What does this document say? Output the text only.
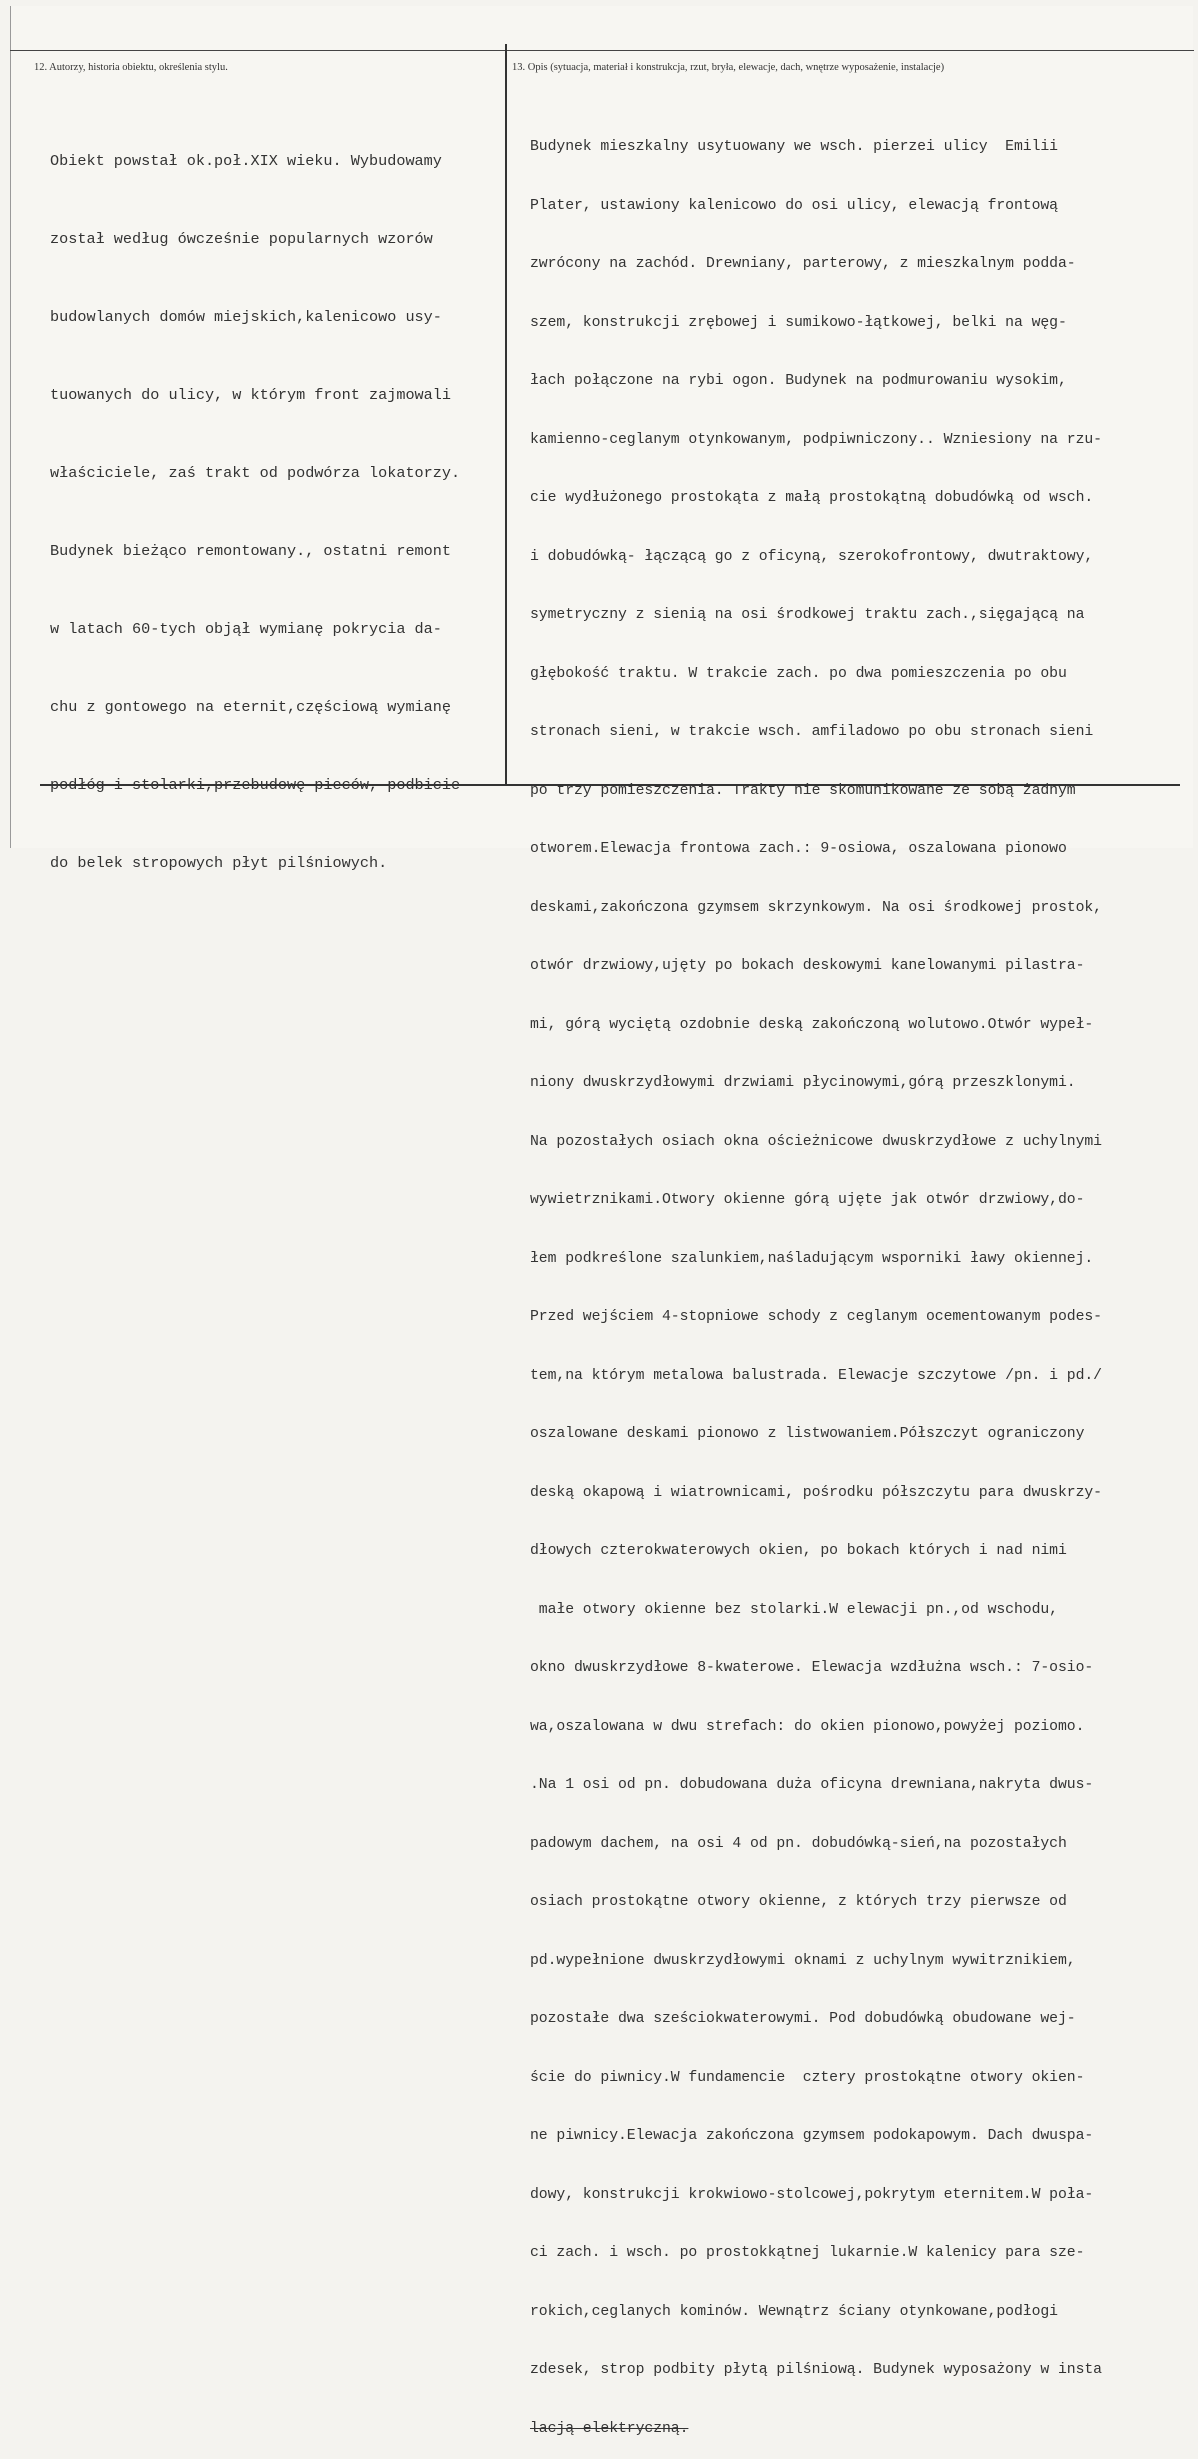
12. Autorzy, historia obiektu, określenia stylu.	13. Opis (sytuacja, materiał i konstrukcja, rzut, bryła, elewacje, dach, wnętrze wyposażenie, instalacje)

Obiekt powstał ok.poł.XIX wieku. Wybudowamy

został według ówcześnie popularnych wzorów

budowlanych domów miejskich,kalenicowo usy-

tuowanych do ulicy, w którym front zajmowali

właściciele, zaś trakt od podwórza lokatorzy.

Budynek bieżąco remontowany., ostatni remont

w latach 60-tych objął wymianę pokrycia da-

chu z gontowego na eternit,częściową wymianę

podłóg i stolarki,przebudowę pieców, podbicie

do belek stropowych płyt pilśniowych.

Budynek mieszkalny usytuowany we wsch. pierzei ulicy  Emilii

Plater, ustawiony kalenicowo do osi ulicy, elewacją frontową

zwrócony na zachód. Drewniany, parterowy, z mieszkalnym podda-

szem, konstrukcji zrębowej i sumikowo-łątkowej, belki na węg-

łach połączone na rybi ogon. Budynek na podmurowaniu wysokim,

kamienno-ceglanym otynkowanym, podpiwniczony.. Wzniesiony na rzu-

cie wydłużonego prostokąta z małą prostokątną dobudówką od wsch.

i dobudówką- łączącą go z oficyną, szerokofrontowy, dwutraktowy,

symetryczny z sienią na osi środkowej traktu zach.,sięgającą na

głębokość traktu. W trakcie zach. po dwa pomieszczenia po obu

stronach sieni, w trakcie wsch. amfiladowo po obu stronach sieni

po trzy pomieszczenia. Trakty nie skomunikowane ze sobą żadnym

otworem.Elewacja frontowa zach.: 9-osiowa, oszalowana pionowo

deskami,zakończona gzymsem skrzynkowym. Na osi środkowej prostok,

otwór drzwiowy,ujęty po bokach deskowymi kanelowanymi pilastra-

mi, górą wyciętą ozdobnie deską zakończoną wolutowo.Otwór wypeł-

niony dwuskrzydłowymi drzwiami płycinowymi,górą przeszklonymi.

Na pozostałych osiach okna ościeżnicowe dwuskrzydłowe z uchylnymi

wywietrznikami.Otwory okienne górą ujęte jak otwór drzwiowy,do-

łem podkreślone szalunkiem,naśladującym wsporniki ławy okiennej.

Przed wejściem 4-stopniowe schody z ceglanym ocementowanym podes-

tem,na którym metalowa balustrada. Elewacje szczytowe /pn. i pd./

oszalowane deskami pionowo z listwowaniem.Półszczyt ograniczony

deską okapową i wiatrownicami, pośrodku półszczytu para dwuskrzy-

dłowych czterokwaterowych okien, po bokach których i nad nimi

małe otwory okienne bez stolarki.W elewacji pn.,od wschodu,

okno dwuskrzydłowe 8-kwaterowe. Elewacja wzdłużna wsch.: 7-osio-

wa,oszalowana w dwu strefach: do okien pionowo,powyżej poziomo.

.Na 1 osi od pn. dobudowana duża oficyna drewniana,nakryta dwus-

padowym dachem, na osi 4 od pn. dobudówką-sień,na pozostałych

osiach prostokątne otwory okienne, z których trzy pierwsze od

pd.wypełnione dwuskrzydłowymi oknami z uchylnym wywitrznikiem,

pozostałe dwa sześciokwaterowymi. Pod dobudówką obudowane wej-

ście do piwnicy.W fundamencie  cztery prostokątne otwory okien-

ne piwnicy.Elewacja zakończona gzymsem podokapowym. Dach dwuspa-

dowy, konstrukcji krokwiowo-stolcowej,pokrytym eternitem.W poła-

ci zach. i wsch. po prostokkątnej lukarnie.W kalenicy para sze-

rokich,ceglanych kominów. Wewnątrz ściany otynkowane,podłogi

zdesek, strop podbity płytą pilśniową. Budynek wyposażony w insta

lacją elektryczną.
